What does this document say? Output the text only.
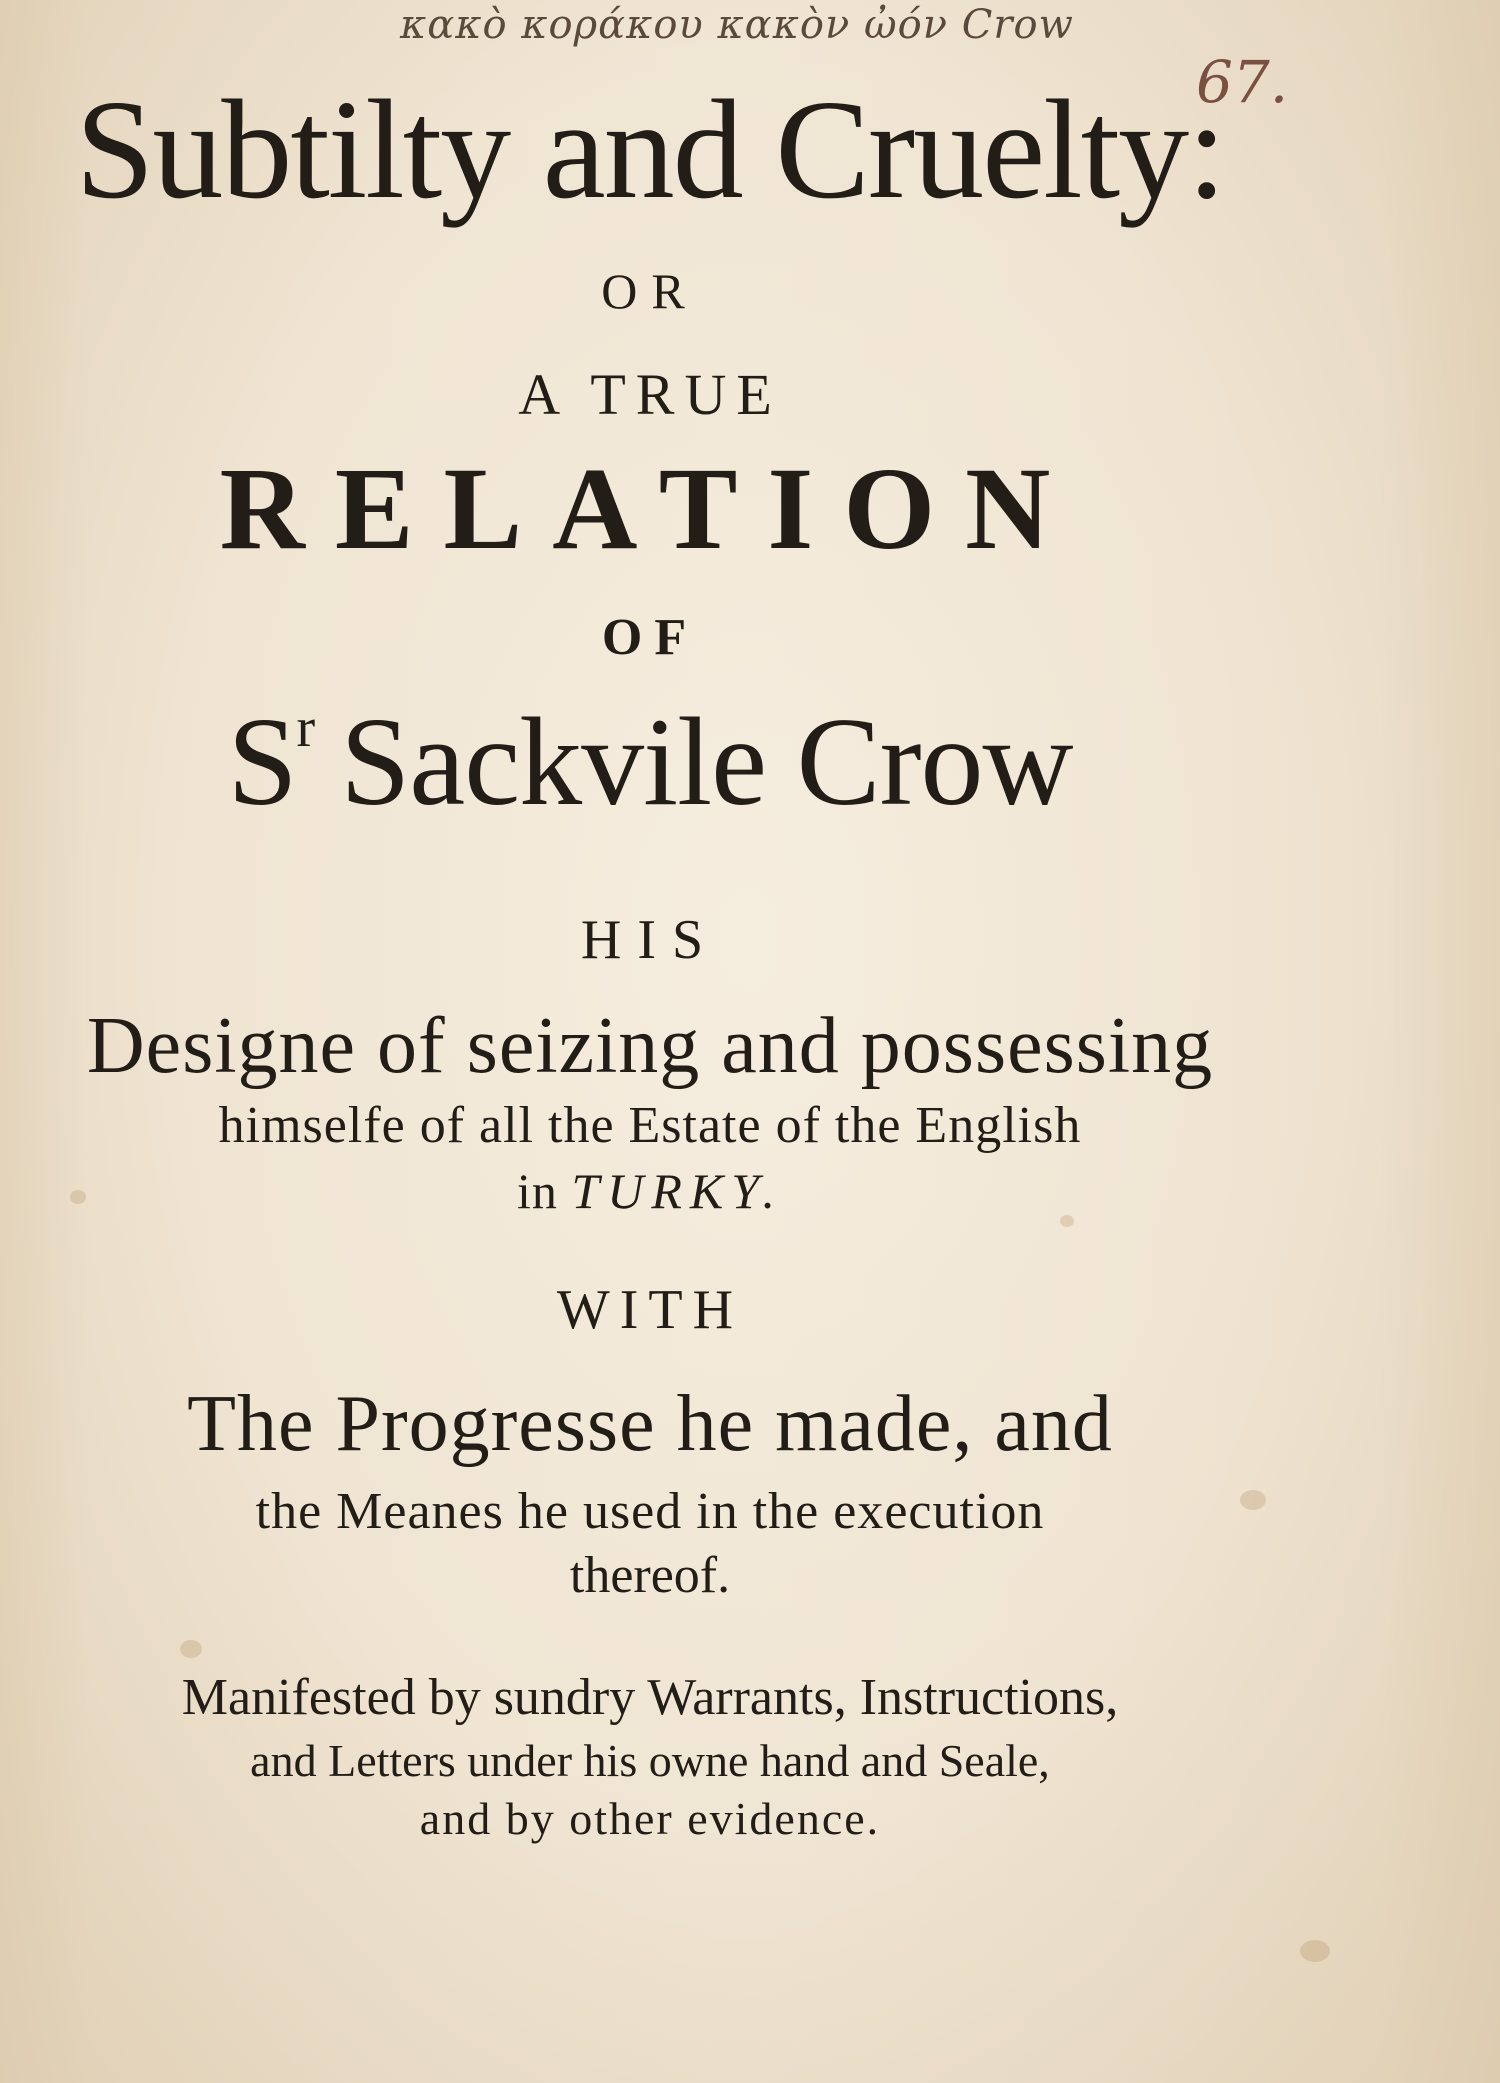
κακὸ κοράκου κακὸν ὠόν Crow
67.
Subtilty and Cruelty:
OR
A TRUE
RELATION
OF
$S^r$ Sackvile Crow
HIS
Designe of seizing and possessing
himselfe of all the Estate of the English
in TURKY.
WITH
The Progresse he made, and
the Meanes he used in the execution
thereof.
Manifested by sundry Warrants, Instructions,
and Letters under his owne hand and Seale,
and by other evidence.
